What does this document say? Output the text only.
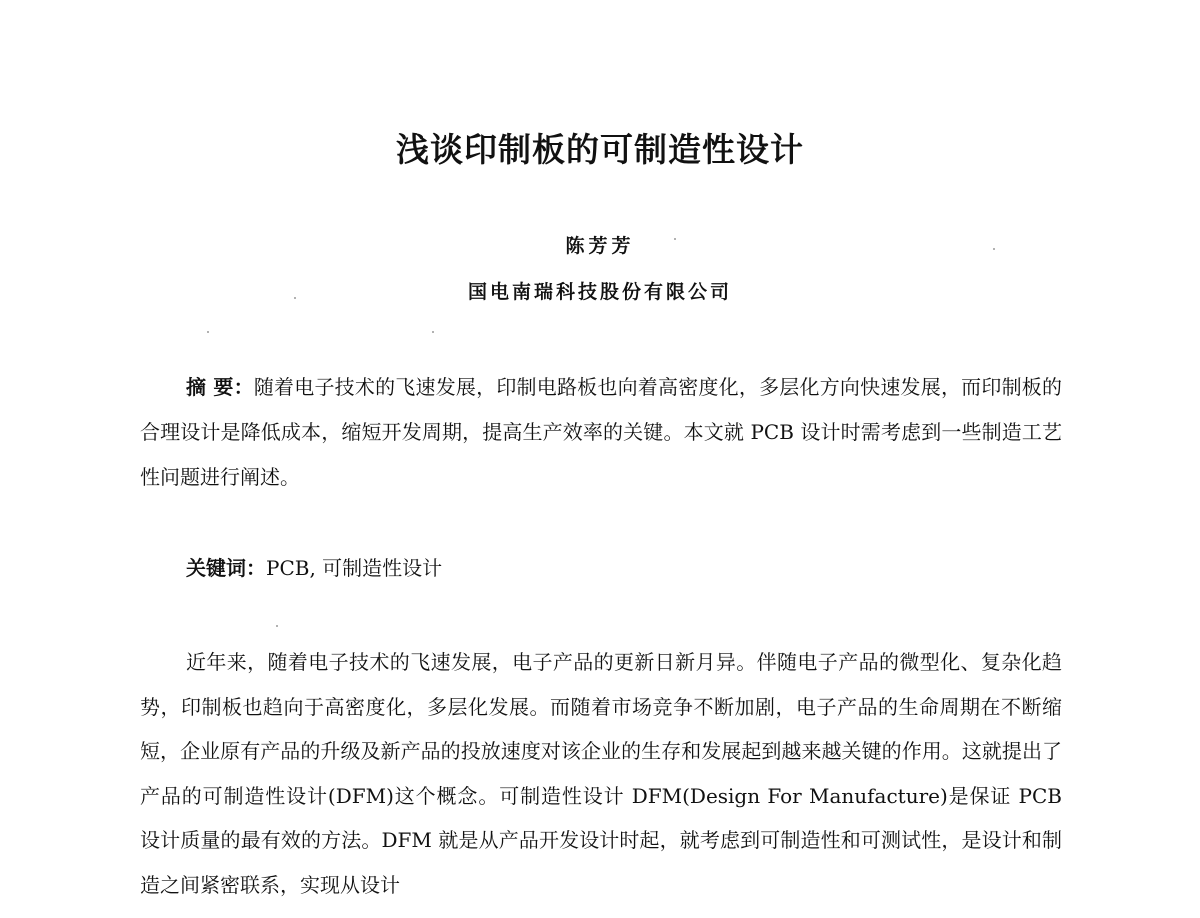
浅谈印制板的可制造性设计
陈芳芳
国电南瑞科技股份有限公司

摘 要：随着电子技术的飞速发展，印制电路板也向着高密度化，多层化方向快速发展，而印制板的合理设计是降低成本，缩短开发周期，提高生产效率的关键。本文就 PCB 设计时需考虑到一些制造工艺性问题进行阐述。

关键词：PCB, 可制造性设计

近年来，随着电子技术的飞速发展，电子产品的更新日新月异。伴随电子产品的微型化、复杂化趋势，印制板也趋向于高密度化，多层化发展。而随着市场竞争不断加剧，电子产品的生命周期在不断缩短，企业原有产品的升级及新产品的投放速度对该企业的生存和发展起到越来越关键的作用。这就提出了产品的可制造性设计(DFM)这个概念。可制造性设计 DFM(Design For Manufacture)是保证 PCB 设计质量的最有效的方法。DFM 就是从产品开发设计时起，就考虑到可制造性和可测试性，是设计和制造之间紧密联系，实现从设计
